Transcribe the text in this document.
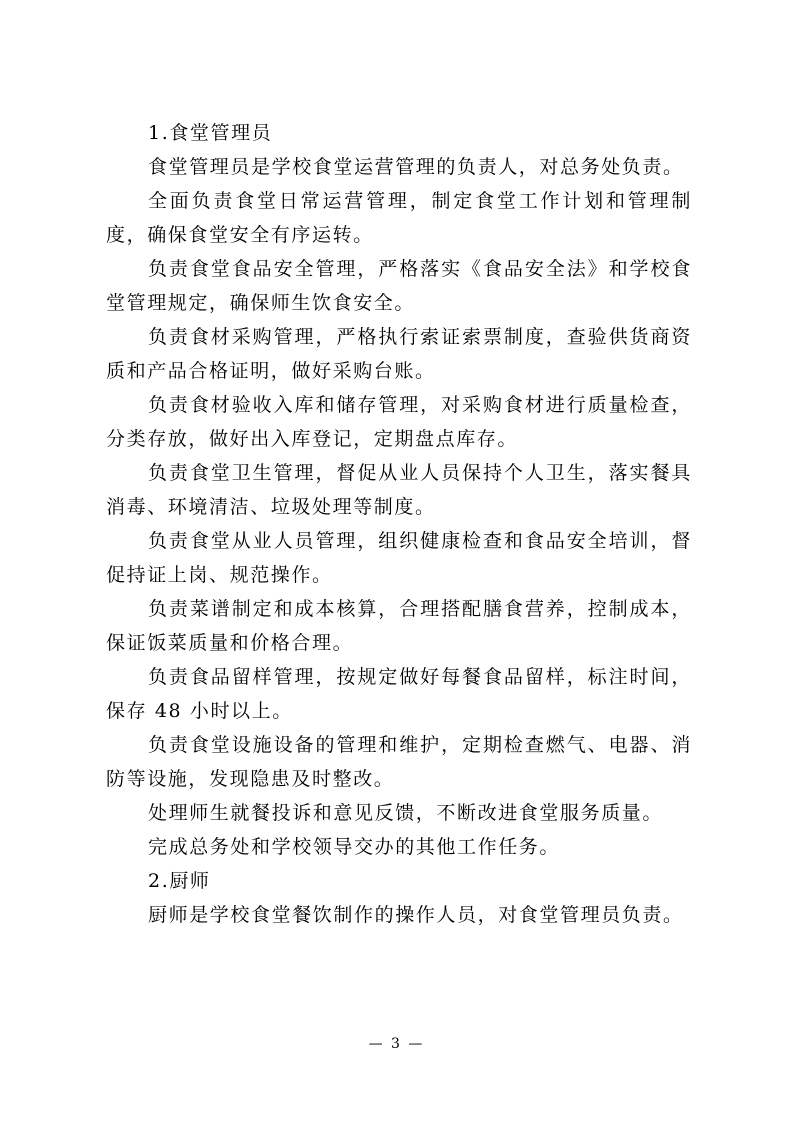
1.食堂管理员

食堂管理员是学校食堂运营管理的负责人，对总务处负责。

全面负责食堂日常运营管理，制定食堂工作计划和管理制度，确保食堂安全有序运转。

负责食堂食品安全管理，严格落实《食品安全法》和学校食堂管理规定，确保师生饮食安全。

负责食材采购管理，严格执行索证索票制度，查验供货商资质和产品合格证明，做好采购台账。

负责食材验收入库和储存管理，对采购食材进行质量检查，分类存放，做好出入库登记，定期盘点库存。

负责食堂卫生管理，督促从业人员保持个人卫生，落实餐具消毒、环境清洁、垃圾处理等制度。

负责食堂从业人员管理，组织健康检查和食品安全培训，督促持证上岗、规范操作。

负责菜谱制定和成本核算，合理搭配膳食营养，控制成本，保证饭菜质量和价格合理。

负责食品留样管理，按规定做好每餐食品留样，标注时间，保存 48 小时以上。

负责食堂设施设备的管理和维护，定期检查燃气、电器、消防等设施，发现隐患及时整改。

处理师生就餐投诉和意见反馈，不断改进食堂服务质量。

完成总务处和学校领导交办的其他工作任务。

2.厨师

厨师是学校食堂餐饮制作的操作人员，对食堂管理员负责。

— 3 —
